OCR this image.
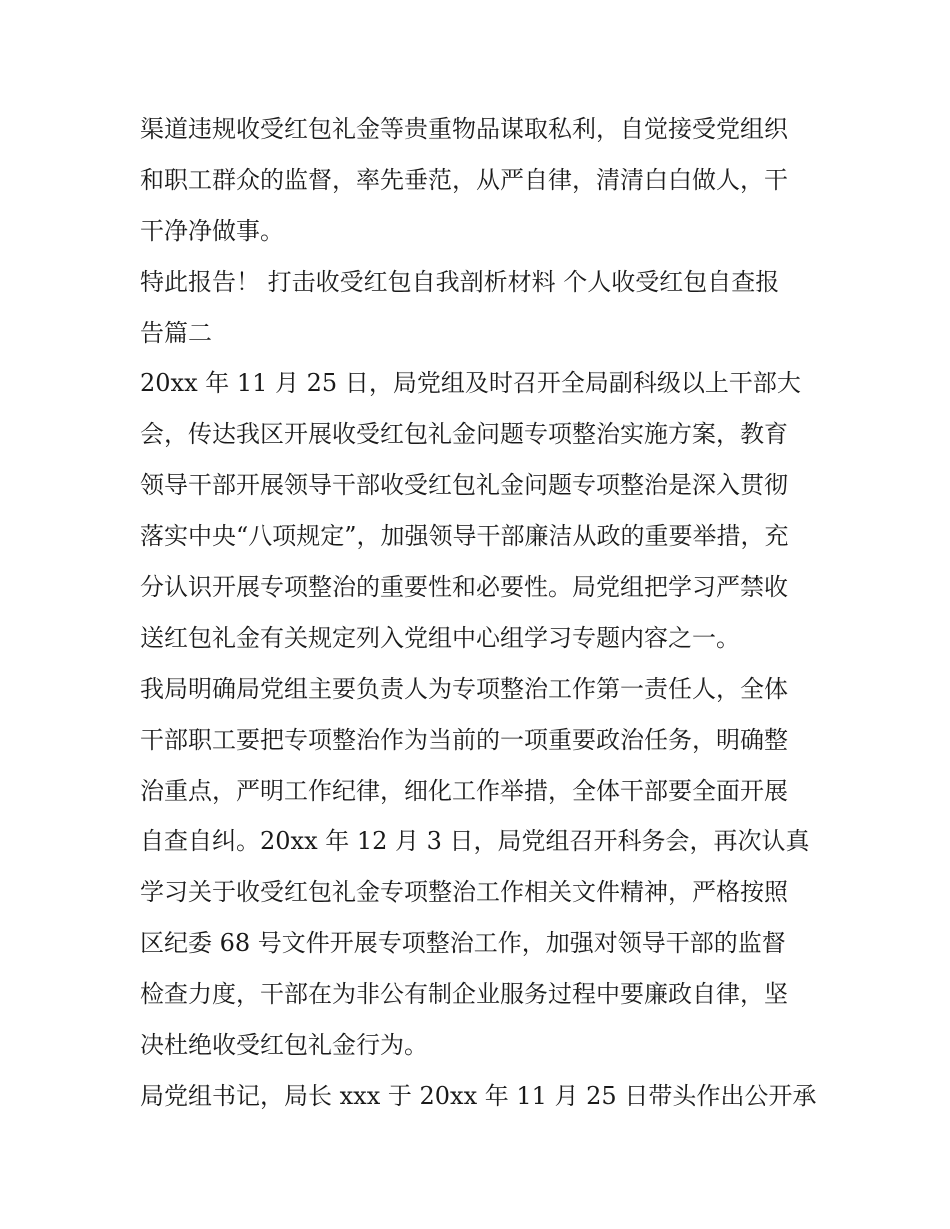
渠道违规收受红包礼金等贵重物品谋取私利，自觉接受党组织
和职工群众的监督，率先垂范，从严自律，清清白白做人，干
干净净做事。
特此报告！ 打击收受红包自我剖析材料 个人收受红包自查报
告篇二
20xx 年 11 月 25 日，局党组及时召开全局副科级以上干部大
会，传达我区开展收受红包礼金问题专项整治实施方案，教育
领导干部开展领导干部收受红包礼金问题专项整治是深入贯彻
落实中央“八项规定”，加强领导干部廉洁从政的重要举措，充
分认识开展专项整治的重要性和必要性。局党组把学习严禁收
送红包礼金有关规定列入党组中心组学习专题内容之一。
我局明确局党组主要负责人为专项整治工作第一责任人，全体
干部职工要把专项整治作为当前的一项重要政治任务，明确整
治重点，严明工作纪律，细化工作举措，全体干部要全面开展
自查自纠。20xx 年 12 月 3 日，局党组召开科务会，再次认真
学习关于收受红包礼金专项整治工作相关文件精神，严格按照
区纪委 68 号文件开展专项整治工作，加强对领导干部的监督
检查力度，干部在为非公有制企业服务过程中要廉政自律，坚
决杜绝收受红包礼金行为。
局党组书记，局长 xxx 于 20xx 年 11 月 25 日带头作出公开承
